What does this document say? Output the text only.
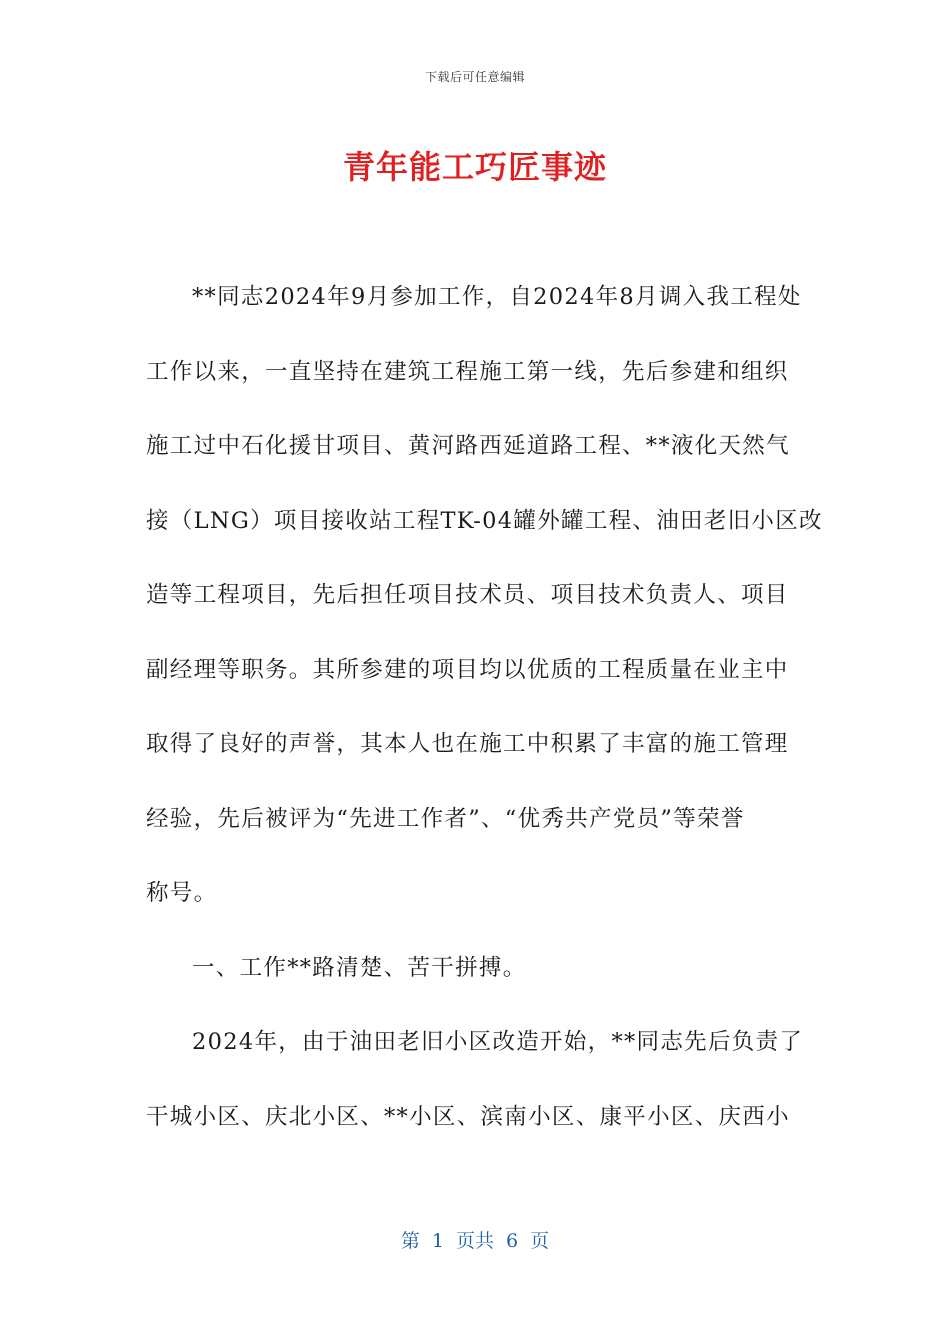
下载后可任意编辑
青年能工巧匠事迹
**同志2024年9月参加工作，自2024年8月调入我工程处
工作以来，一直坚持在建筑工程施工第一线，先后参建和组织
施工过中石化援甘项目、黄河路西延道路工程、**液化天然气
接（LNG）项目接收站工程TK-04罐外罐工程、油田老旧小区改
造等工程项目，先后担任项目技术员、项目技术负责人、项目
副经理等职务。其所参建的项目均以优质的工程质量在业主中
取得了良好的声誉，其本人也在施工中积累了丰富的施工管理
经验，先后被评为“先进工作者”、“优秀共产党员”等荣誉
称号。
一、工作**路清楚、苦干拼搏。
2024年，由于油田老旧小区改造开始，**同志先后负责了
干城小区、庆北小区、**小区、滨南小区、康平小区、庆西小
第 1 页共 6 页
